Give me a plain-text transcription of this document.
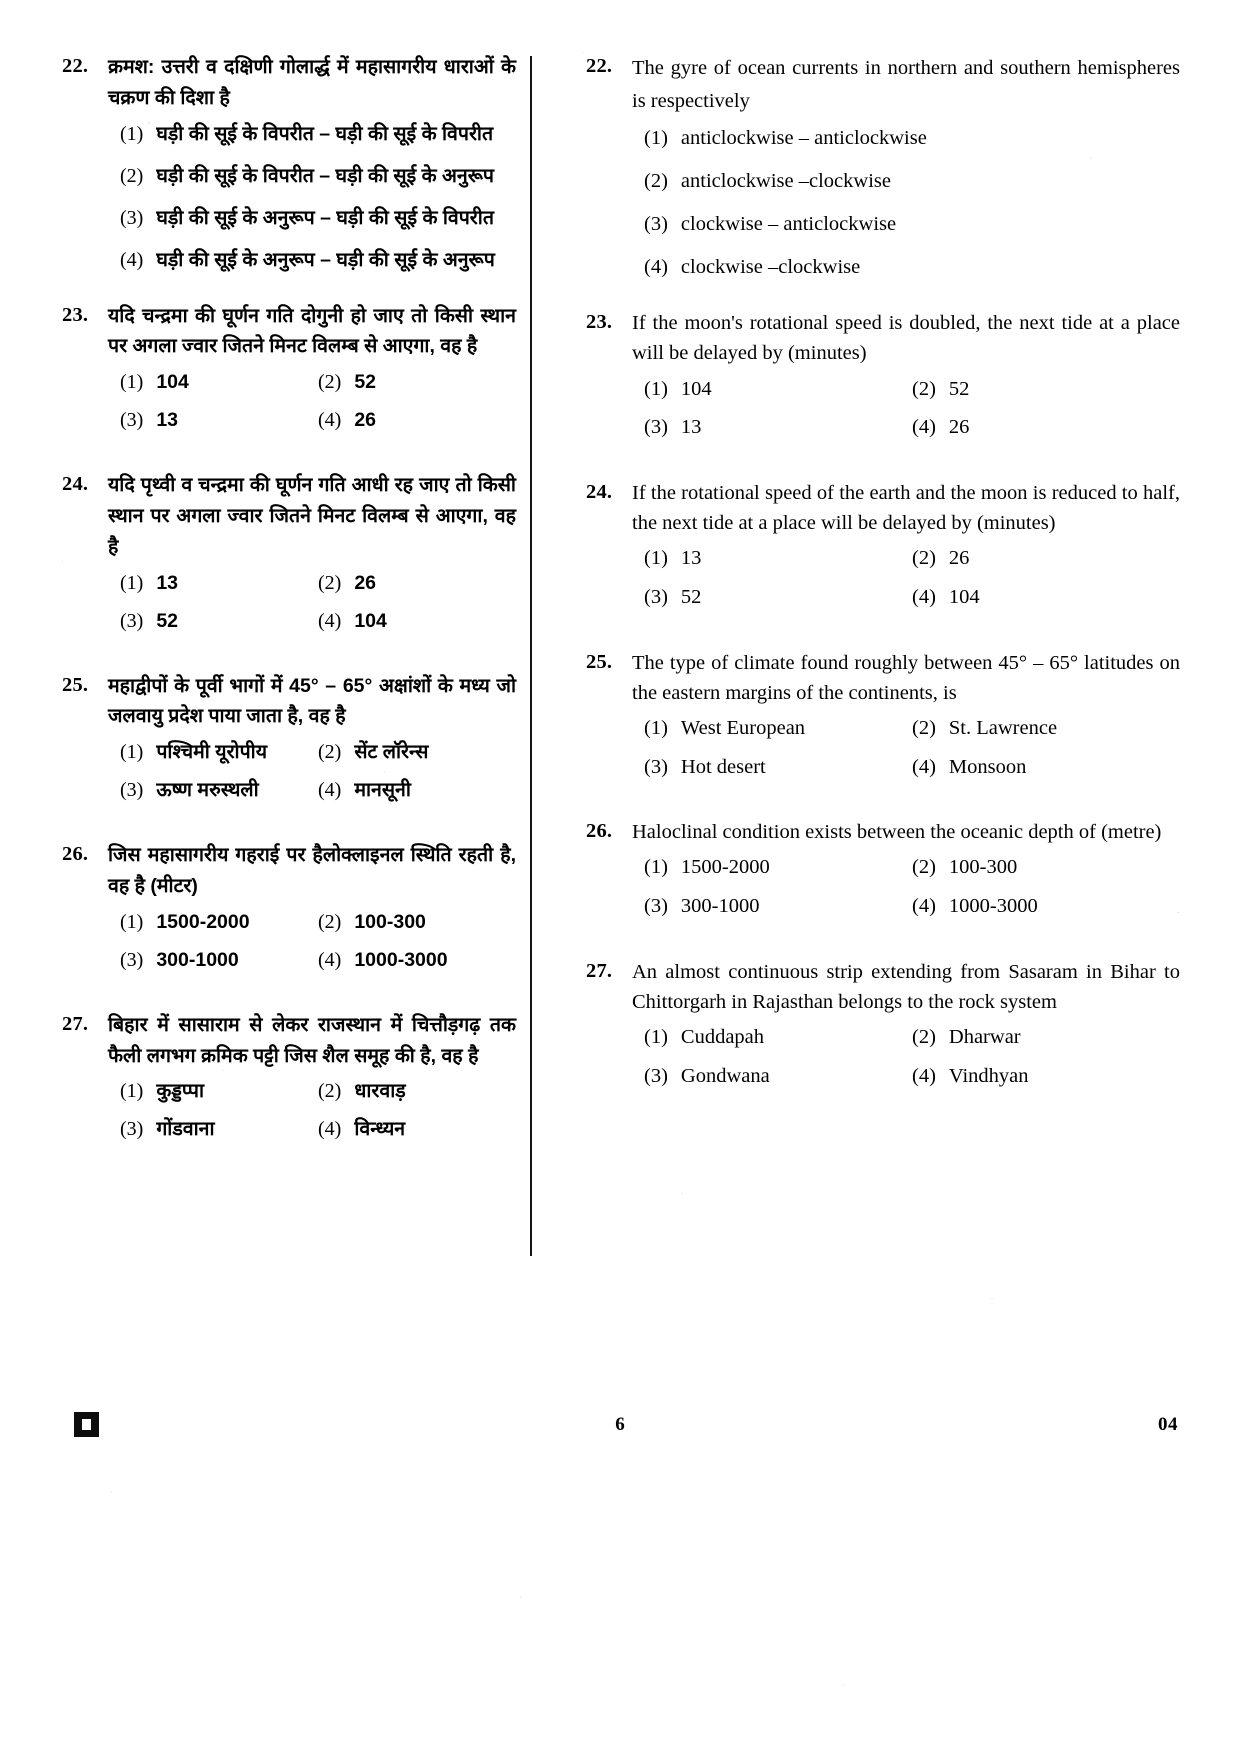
22.	क्रमश: उत्तरी व दक्षिणी गोलार्द्ध में महासागरीय धाराओं के चक्रण की दिशा है

(1) घड़ी की सूई के विपरीत – घड़ी की सूई के विपरीत
(2) घड़ी की सूई के विपरीत – घड़ी की सूई के अनुरूप
(3) घड़ी की सूई के अनुरूप – घड़ी की सूई के विपरीत
(4) घड़ी की सूई के अनुरूप – घड़ी की सूई के अनुरूप
23.	यदि चन्द्रमा की घूर्णन गति दोगुनी हो जाए तो किसी स्थान पर अगला ज्वार जितने मिनट विलम्ब से आएगा, वह है

(1) 104	(2) 52
(3) 13	(4) 26
24.	यदि पृथ्वी व चन्द्रमा की घूर्णन गति आधी रह जाए तो किसी स्थान पर अगला ज्वार जितने मिनट विलम्ब से आएगा, वह है

(1) 13	(2) 26
(3) 52	(4) 104
25.	महाद्वीपों के पूर्वी भागों में 45° – 65° अक्षांशों के मध्य जो जलवायु प्रदेश पाया जाता है, वह है

(1) पश्चिमी यूरोपीय	(2) सेंट लॉरेन्स
(3) ऊष्ण मरुस्थली	(4) मानसूनी
26.	जिस महासागरीय गहराई पर हैलोक्लाइनल स्थिति रहती है, वह है (मीटर)

(1) 1500-2000	(2) 100-300
(3) 300-1000	(4) 1000-3000
27.	बिहार में सासाराम से लेकर राजस्थान में चित्तौड़गढ़ तक फैली लगभग क्रमिक पट्टी जिस शैल समूह की है, वह है

(1) कुड्डप्पा	(2) धारवाड़
(3) गोंडवाना	(4) विन्ध्यन
22. The gyre of ocean currents in northern and southern hemispheres is respectively

(1) anticlockwise – anticlockwise
(2) anticlockwise –clockwise
(3) clockwise – anticlockwise
(4) clockwise –clockwise
23. If the moon's rotational speed is doubled, the next tide at a place will be delayed by (minutes)

(1) 104	(2) 52
(3) 13	(4) 26
24. If the rotational speed of the earth and the moon is reduced to half, the next tide at a place will be delayed by (minutes)

(1) 13	(2) 26
(3) 52	(4) 104
25. The type of climate found roughly between 45° – 65° latitudes on the eastern margins of the continents, is

(1) West European	(2) St. Lawrence
(3) Hot desert	(4) Monsoon
26. Haloclinal condition exists between the oceanic depth of (metre)

(1) 1500-2000	(2) 100-300
(3) 300-1000	(4) 1000-3000
27. An almost continuous strip extending from Sasaram in Bihar to Chittorgarh in Rajasthan belongs to the rock system

(1) Cuddapah	(2) Dharwar
(3) Gondwana	(4) Vindhyan
6	04
